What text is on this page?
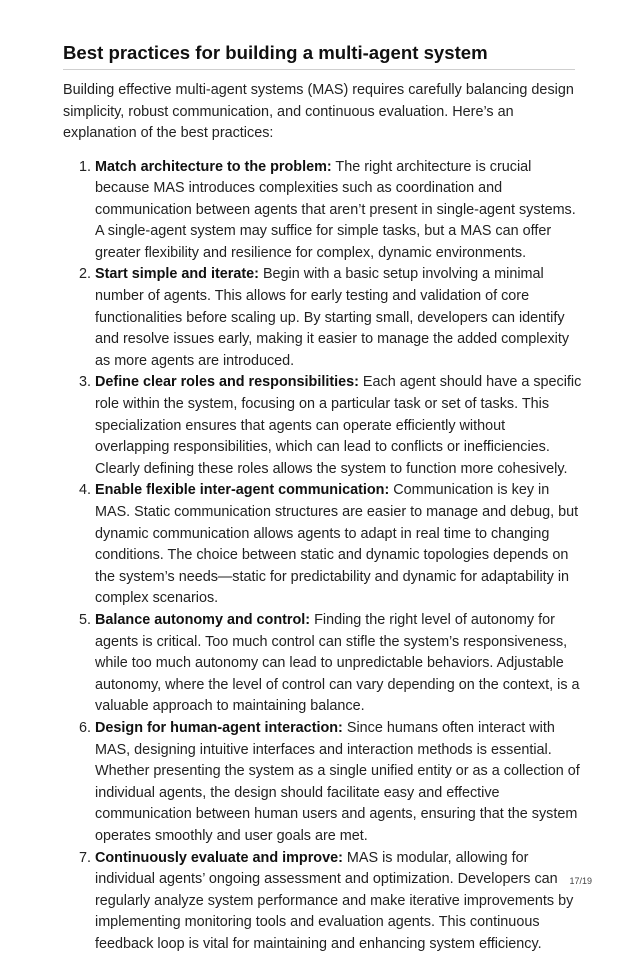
Best practices for building a multi-agent system

Building effective multi-agent systems (MAS) requires carefully balancing design simplicity, robust communication, and continuous evaluation. Here’s an explanation of the best practices:

1. Match architecture to the problem: The right architecture is crucial because MAS introduces complexities such as coordination and communication between agents that aren’t present in single-agent systems. A single-agent system may suffice for simple tasks, but a MAS can offer greater flexibility and resilience for complex, dynamic environments.
2. Start simple and iterate: Begin with a basic setup involving a minimal number of agents. This allows for early testing and validation of core functionalities before scaling up. By starting small, developers can identify and resolve issues early, making it easier to manage the added complexity as more agents are introduced.
3. Define clear roles and responsibilities: Each agent should have a specific role within the system, focusing on a particular task or set of tasks. This specialization ensures that agents can operate efficiently without overlapping responsibilities, which can lead to conflicts or inefficiencies. Clearly defining these roles allows the system to function more cohesively.
4. Enable flexible inter-agent communication: Communication is key in MAS. Static communication structures are easier to manage and debug, but dynamic communication allows agents to adapt in real time to changing conditions. The choice between static and dynamic topologies depends on the system’s needs—static for predictability and dynamic for adaptability in complex scenarios.
5. Balance autonomy and control: Finding the right level of autonomy for agents is critical. Too much control can stifle the system’s responsiveness, while too much autonomy can lead to unpredictable behaviors. Adjustable autonomy, where the level of control can vary depending on the context, is a valuable approach to maintaining balance.
6. Design for human-agent interaction: Since humans often interact with MAS, designing intuitive interfaces and interaction methods is essential. Whether presenting the system as a single unified entity or as a collection of individual agents, the design should facilitate easy and effective communication between human users and agents, ensuring that the system operates smoothly and user goals are met.
7. Continuously evaluate and improve: MAS is modular, allowing for individual agents’ ongoing assessment and optimization. Developers can regularly analyze system performance and make iterative improvements by implementing monitoring tools and evaluation agents. This continuous feedback loop is vital for maintaining and enhancing system efficiency.
17/19
